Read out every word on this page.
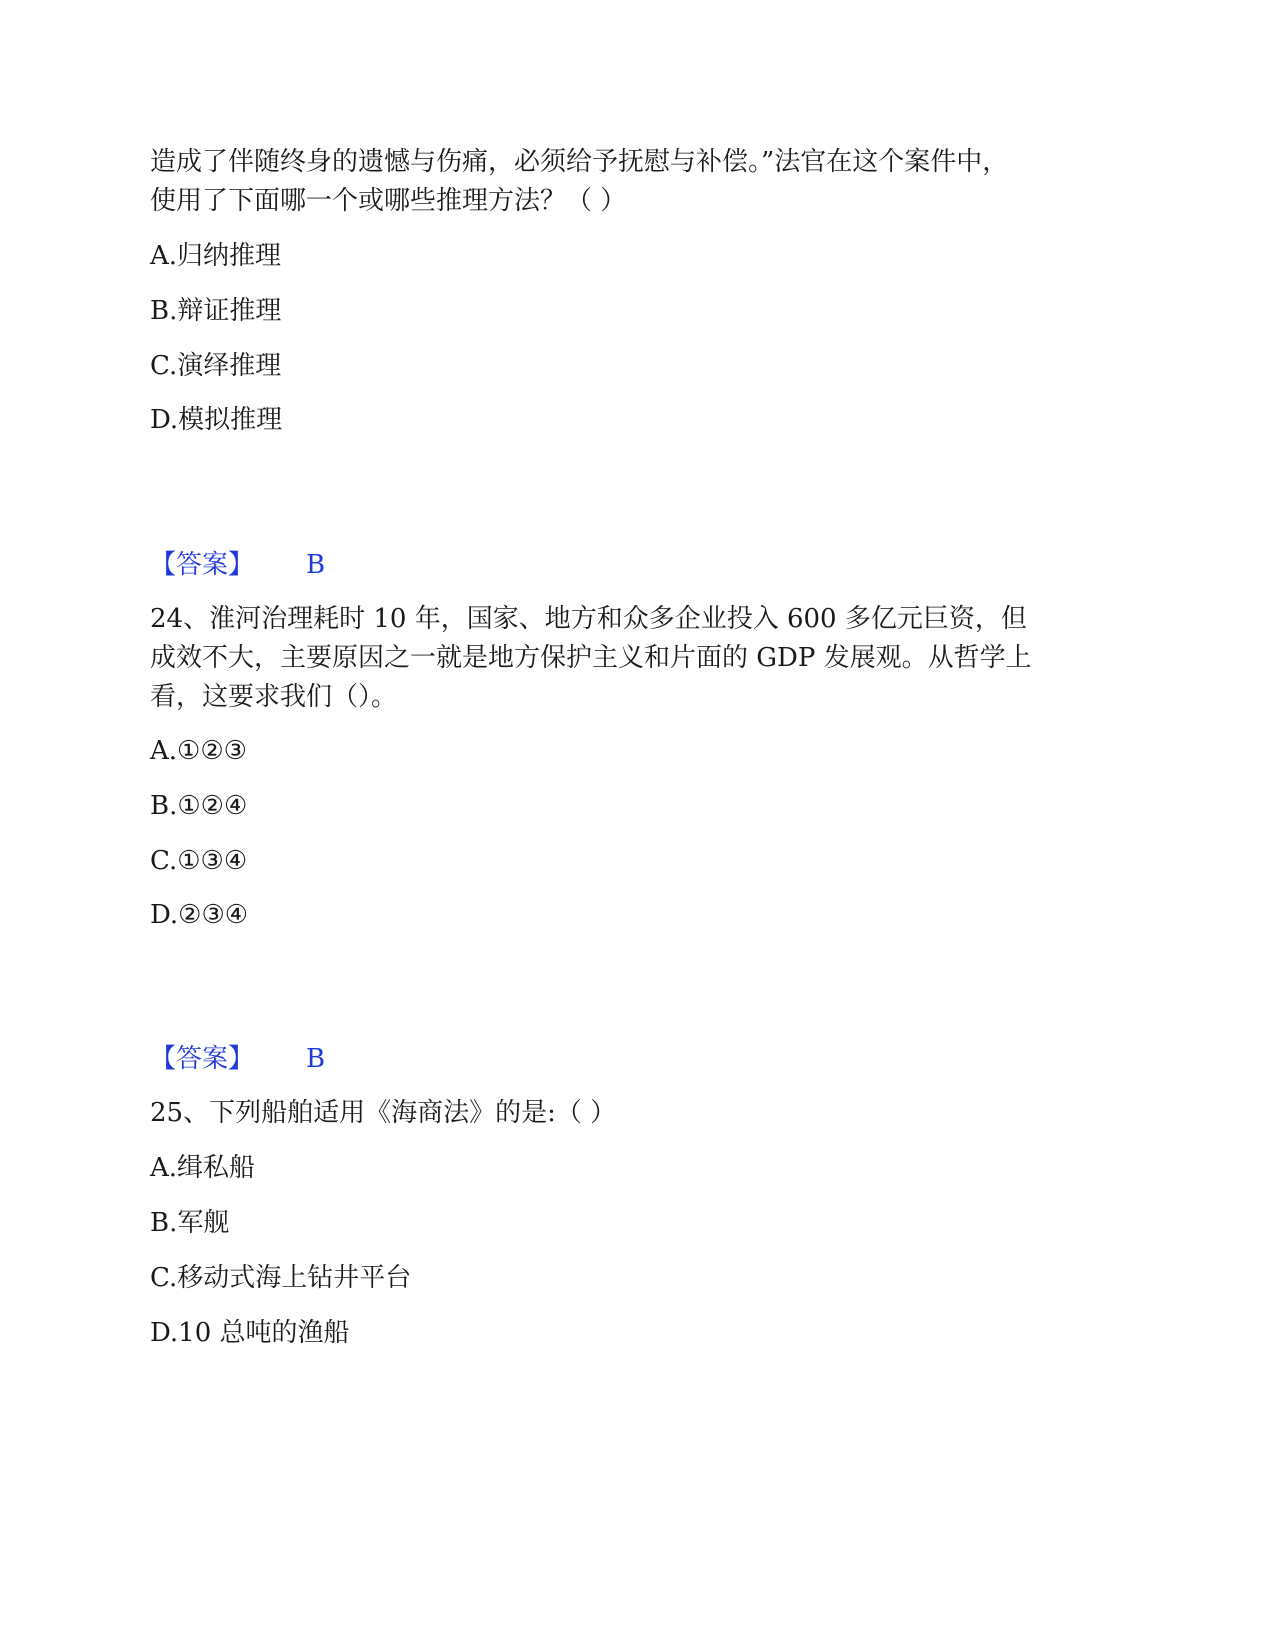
造成了伴随终身的遗憾与伤痛，必须给予抚慰与补偿。”法官在这个案件中，
使用了下面哪一个或哪些推理方法？（ ）
A.归纳推理
B.辩证推理
C.演绎推理
D.模拟推理
【答案】 B
24、淮河治理耗时 10 年，国家、地方和众多企业投入 600 多亿元巨资，但
成效不大，主要原因之一就是地方保护主义和片面的 GDP 发展观。从哲学上
看，这要求我们（）。
A.①②③
B.①②④
C.①③④
D.②③④
【答案】 B
25、下列船舶适用《海商法》的是:（ ）
A.缉私船
B.军舰
C.移动式海上钻井平台
D.10 总吨的渔船
